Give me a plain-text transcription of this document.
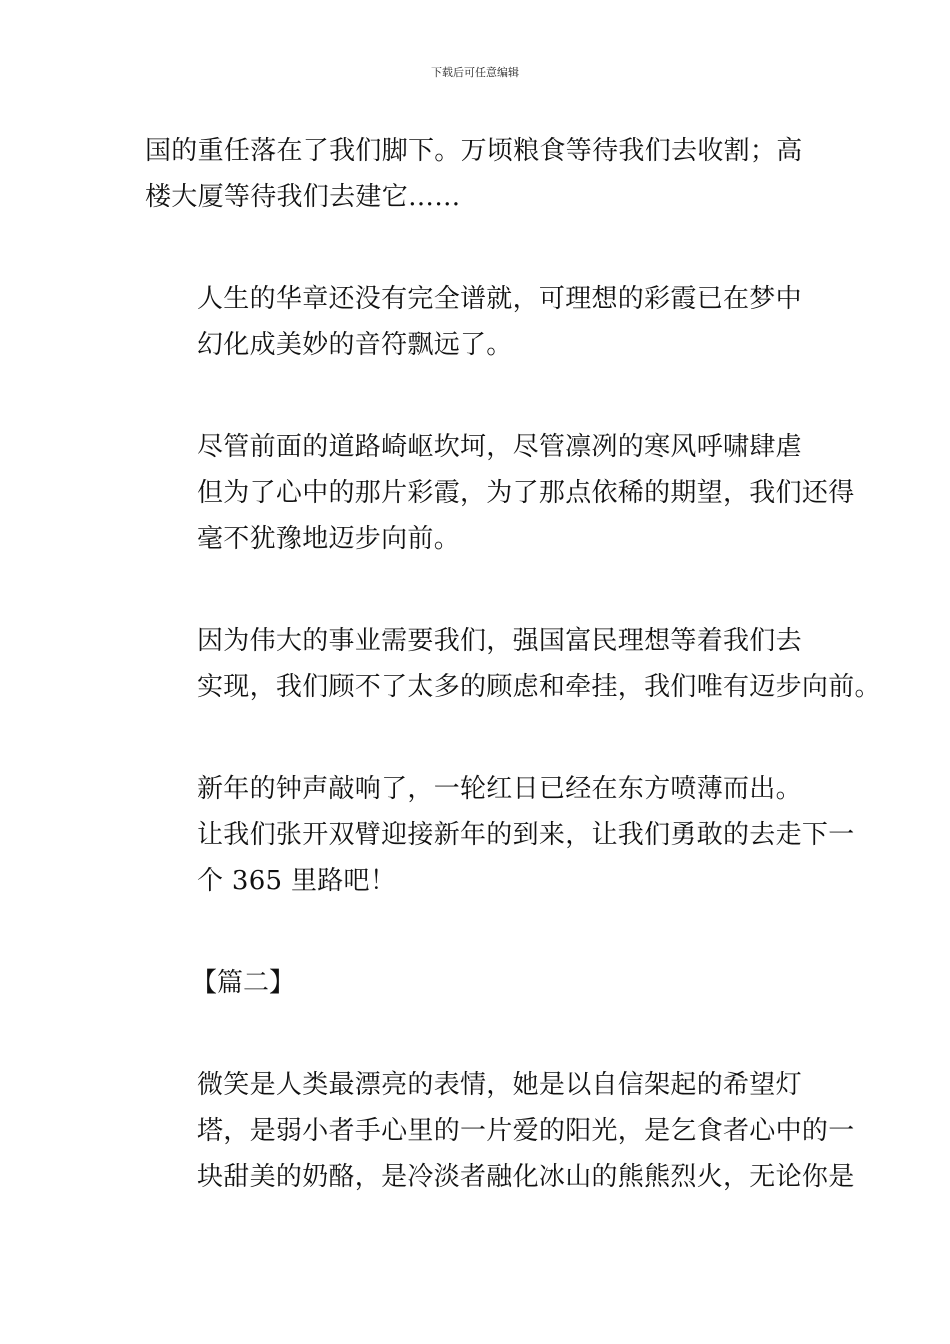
下载后可任意编辑

国的重任落在了我们脚下。万顷粮食等待我们去收割；高
楼大厦等待我们去建它……

人生的华章还没有完全谱就，可理想的彩霞已在梦中
幻化成美妙的音符飘远了。

尽管前面的道路崎岖坎坷，尽管凛冽的寒风呼啸肆虐
但为了心中的那片彩霞，为了那点依稀的期望，我们还得
毫不犹豫地迈步向前。

因为伟大的事业需要我们，强国富民理想等着我们去
实现，我们顾不了太多的顾虑和牵挂，我们唯有迈步向前。

新年的钟声敲响了，一轮红日已经在东方喷薄而出。
让我们张开双臂迎接新年的到来，让我们勇敢的去走下一
个 365 里路吧！

【篇二】

微笑是人类最漂亮的表情，她是以自信架起的希望灯
塔，是弱小者手心里的一片爱的阳光，是乞食者心中的一
块甜美的奶酪，是冷淡者融化冰山的熊熊烈火，无论你是
